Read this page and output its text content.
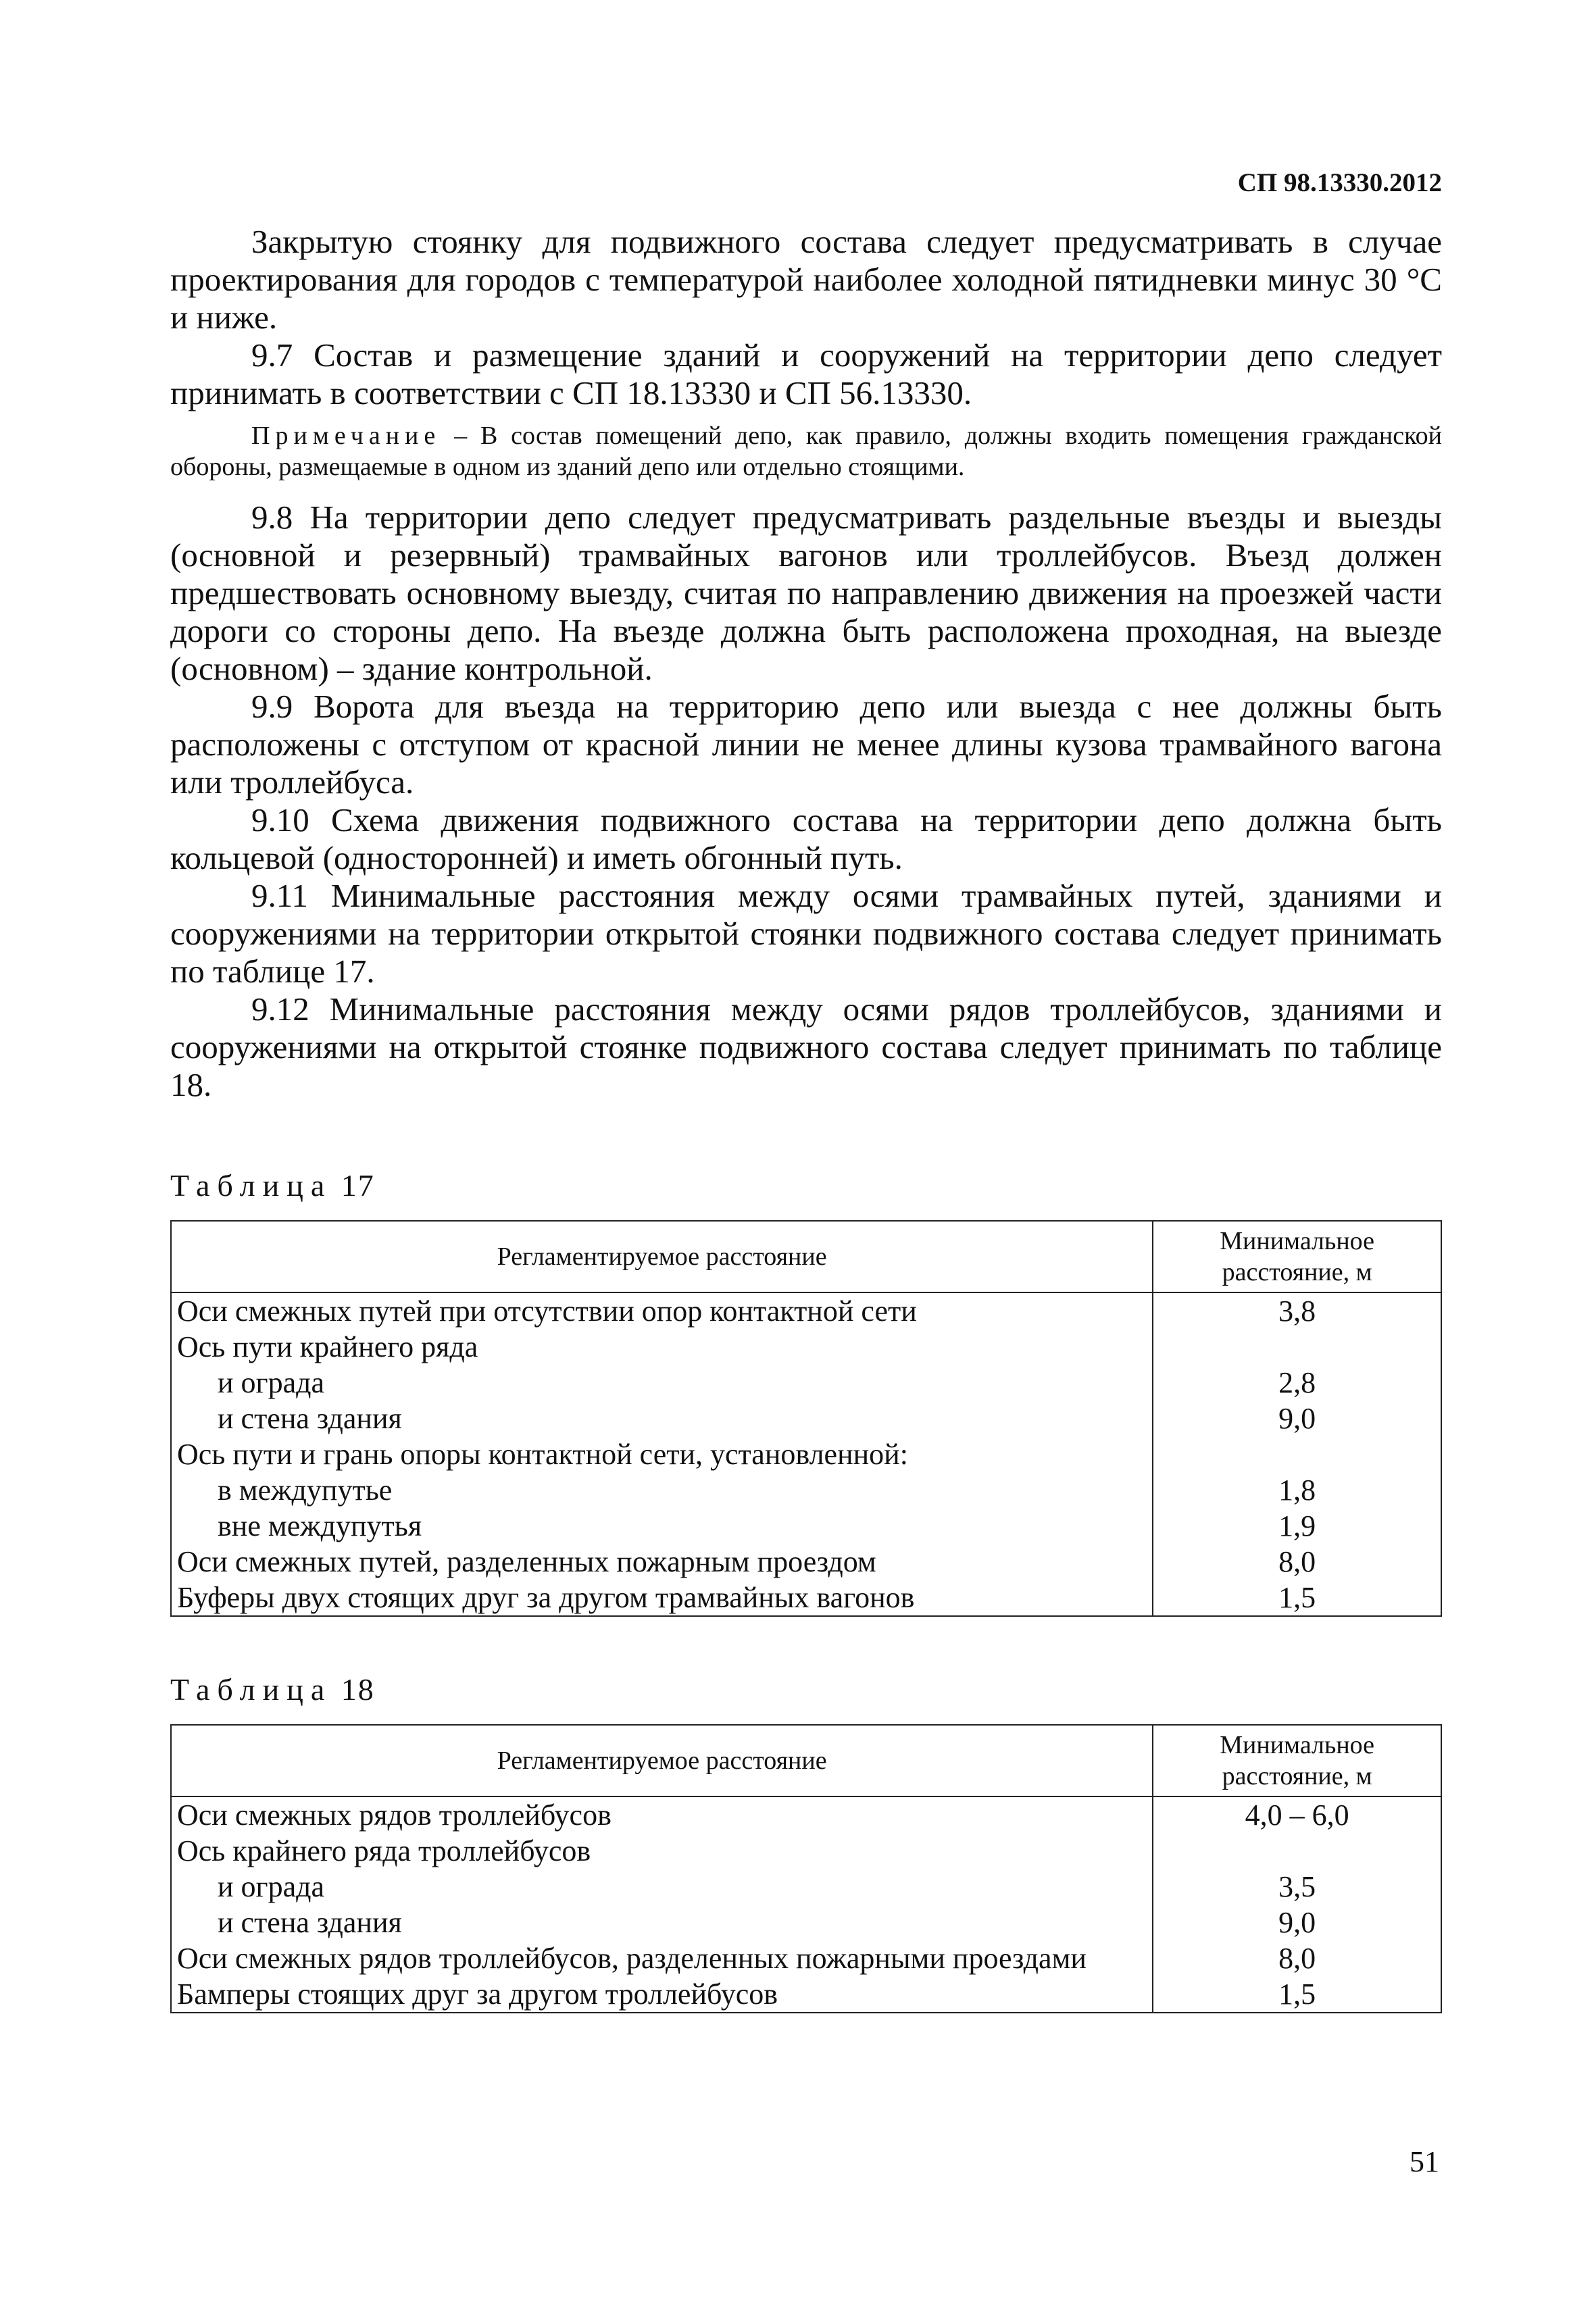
СП 98.13330.2012

Закрытую стоянку для подвижного состава следует предусматривать в случае проектирования для городов с температурой наиболее холодной пятидневки минус 30 °С и ниже.

9.7 Состав и размещение зданий и сооружений на территории депо следует принимать в соответствии с СП 18.13330 и СП 56.13330.

Примечание – В состав помещений депо, как правило, должны входить помещения гражданской обороны, размещаемые в одном из зданий депо или отдельно стоящими.

9.8 На территории депо следует предусматривать раздельные въезды и выезды (основной и резервный) трамвайных вагонов или троллейбусов. Въезд должен предшествовать основному выезду, считая по направлению движения на проезжей части дороги со стороны депо. На въезде должна быть расположена проходная, на выезде (основном) – здание контрольной.

9.9 Ворота для въезда на территорию депо или выезда с нее должны быть расположены с отступом от красной линии не менее длины кузова трамвайного вагона или троллейбуса.

9.10 Схема движения подвижного состава на территории депо должна быть кольцевой (односторонней) и иметь обгонный путь.

9.11 Минимальные расстояния между осями трамвайных путей, зданиями и сооружениями на территории открытой стоянки подвижного состава следует принимать по таблице 17.

9.12 Минимальные расстояния между осями рядов троллейбусов, зданиями и сооружениями на открытой стоянке подвижного состава следует принимать по таблице 18.

Таблица 17
Регламентируемое расстояние	Минимальное расстояние, м
Оси смежных путей при отсутствии опор контактной сети	3,8
Ось пути крайнего ряда	
и ограда	2,8
и стена здания	9,0
Ось пути и грань опоры контактной сети, установленной:	
в междупутье	1,8
вне междупутья	1,9
Оси смежных путей, разделенных пожарным проездом	8,0
Буферы двух стоящих друг за другом трамвайных вагонов	1,5
Таблица 18
Регламентируемое расстояние	Минимальное расстояние, м
Оси смежных рядов троллейбусов	4,0 – 6,0
Ось крайнего ряда троллейбусов	
и ограда	3,5
и стена здания	9,0
Оси смежных рядов троллейбусов, разделенных пожарными проездами	8,0
Бамперы стоящих друг за другом троллейбусов	1,5
51
